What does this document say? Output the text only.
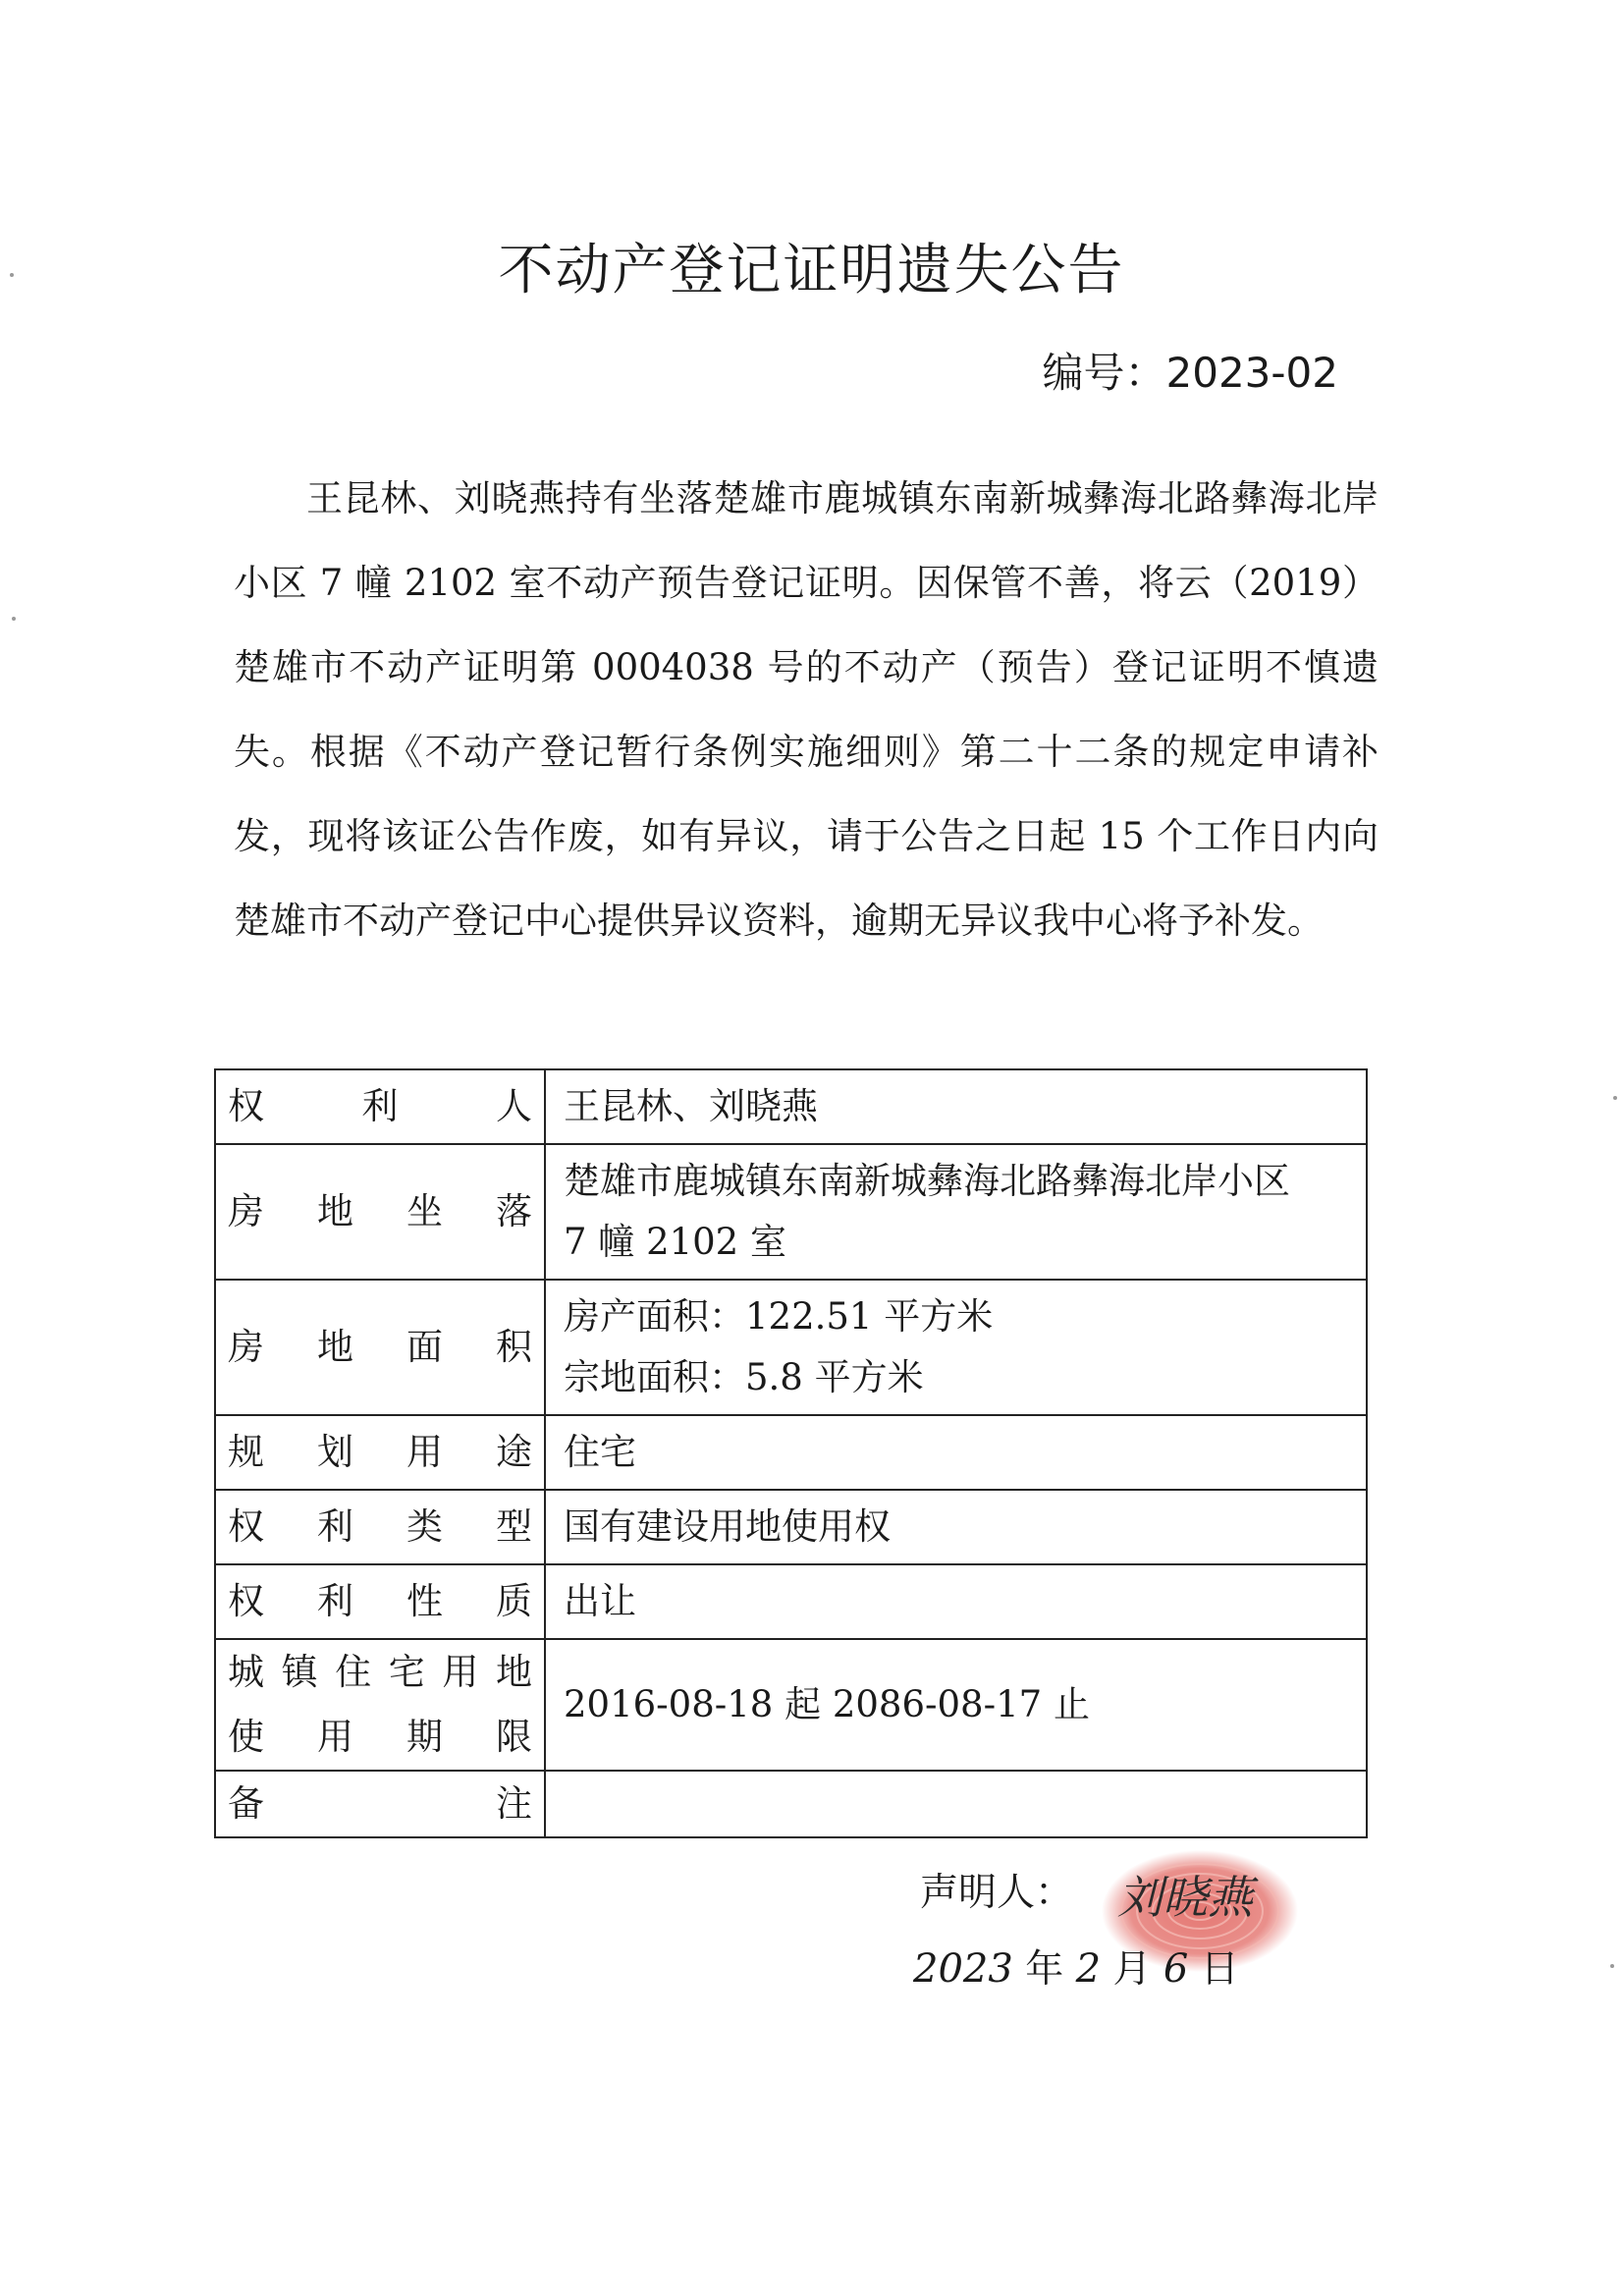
不动产登记证明遗失公告
编号：2023-02

王昆林、刘晓燕持有坐落楚雄市鹿城镇东南新城彝海北路彝海北岸小区 7 幢 2102 室不动产预告登记证明。因保管不善，将云（2019）楚雄市不动产证明第 0004038 号的不动产（预告）登记证明不慎遗失。根据《不动产登记暂行条例实施细则》第二十二条的规定申请补发，现将该证公告作废，如有异议，请于公告之日起 15 个工作日内向楚雄市不动产登记中心提供异议资料，逾期无异议我中心将予补发。

权利人	王昆林、刘晓燕

房地坐落	楚雄市鹿城镇东南新城彝海北路彝海北岸小区
7 幢 2102 室

房地面积	房产面积：122.51 平方米
宗地面积：5.8 平方米

规划用途	住宅

权利类型	国有建设用地使用权

权利性质	出让

城镇住宅用地
使用期限	2016-08-18 起 2086-08-17 止

备注	

声明人： 刘晓燕
2023 年 2 月 6 日
